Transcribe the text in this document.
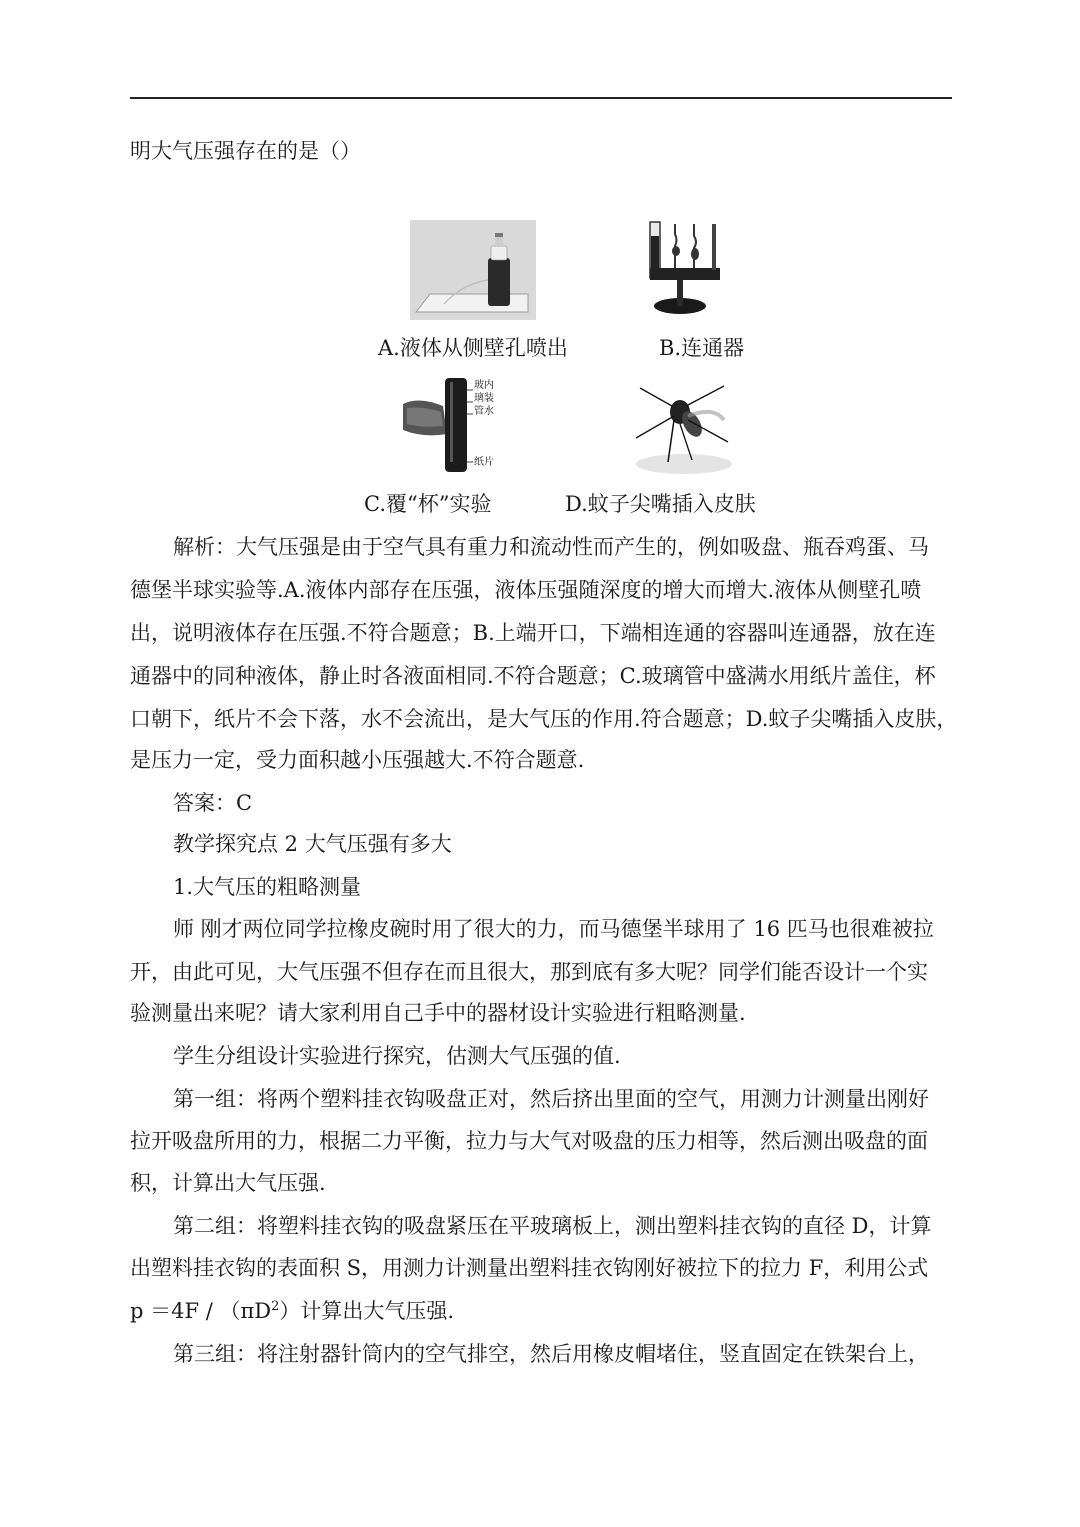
明大气压强存在的是（）
A.液体从侧壁孔喷出	B.连通器
玻内
璃装
管水
纸片
C.覆“杯”实验	D.蚊子尖嘴插入皮肤
解析：大气压强是由于空气具有重力和流动性而产生的，例如吸盘、瓶吞鸡蛋、马
德堡半球实验等.A.液体内部存在压强，液体压强随深度的增大而增大.液体从侧壁孔喷
出，说明液体存在压强.不符合题意；B.上端开口，下端相连通的容器叫连通器，放在连
通器中的同种液体，静止时各液面相同.不符合题意；C.玻璃管中盛满水用纸片盖住，杯
口朝下，纸片不会下落，水不会流出，是大气压的作用.符合题意；D.蚊子尖嘴插入皮肤，
是压力一定，受力面积越小压强越大.不符合题意.
答案：C
教学探究点 2 大气压强有多大
1.大气压的粗略测量
师 刚才两位同学拉橡皮碗时用了很大的力，而马德堡半球用了 16 匹马也很难被拉
开，由此可见，大气压强不但存在而且很大，那到底有多大呢？同学们能否设计一个实
验测量出来呢？请大家利用自己手中的器材设计实验进行粗略测量.
学生分组设计实验进行探究，估测大气压强的值.
第一组：将两个塑料挂衣钩吸盘正对，然后挤出里面的空气，用测力计测量出刚好
拉开吸盘所用的力，根据二力平衡，拉力与大气对吸盘的压力相等，然后测出吸盘的面
积，计算出大气压强.
第二组：将塑料挂衣钩的吸盘紧压在平玻璃板上，测出塑料挂衣钩的直径 D，计算
出塑料挂衣钩的表面积 S，用测力计测量出塑料挂衣钩刚好被拉下的拉力 F，利用公式
$p =4F / (\pi D^2)$计算出大气压强.
第三组：将注射器针筒内的空气排空，然后用橡皮帽堵住，竖直固定在铁架台上，
